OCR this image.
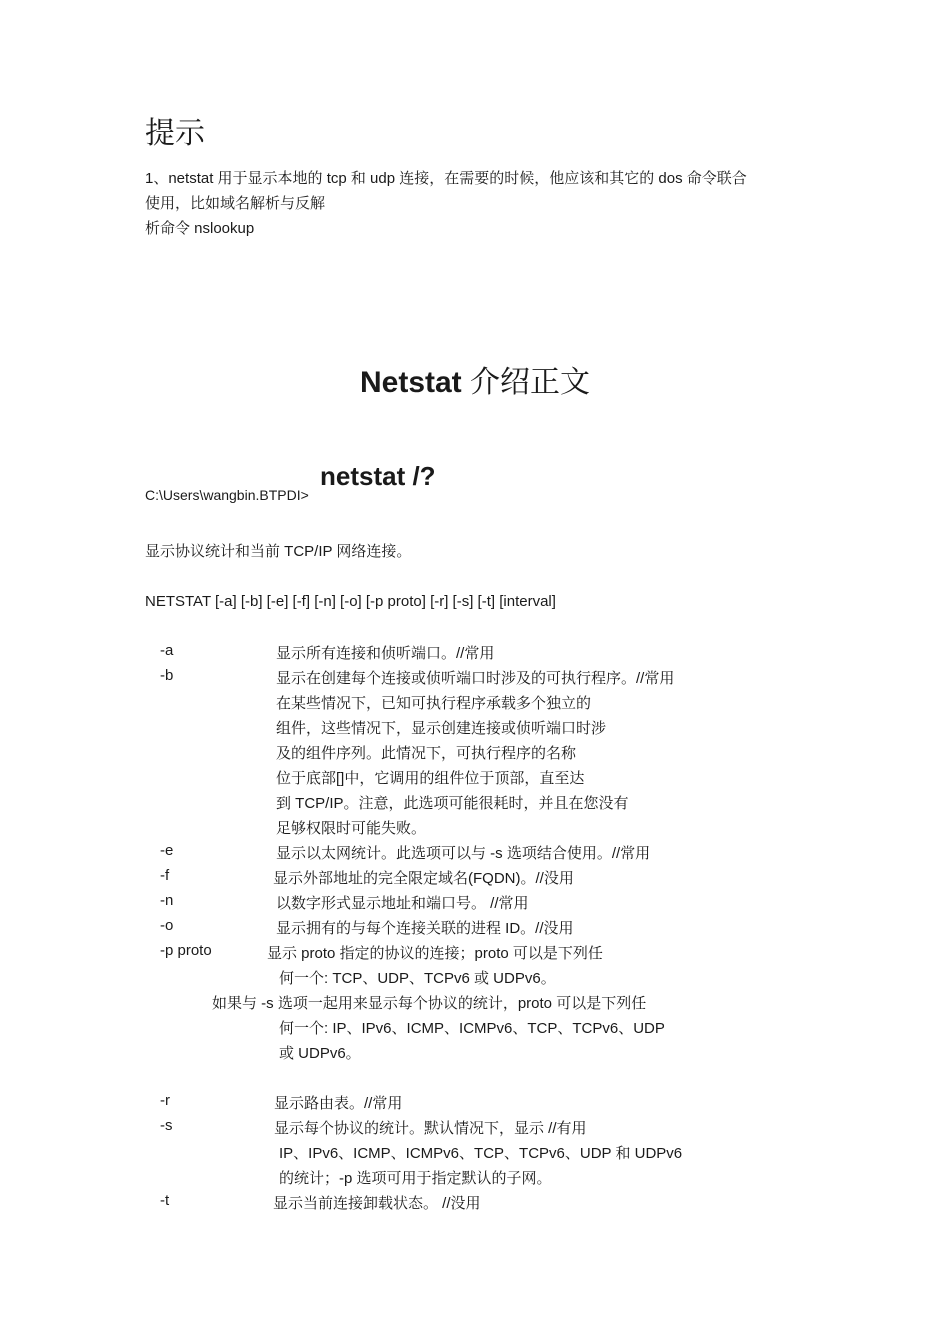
提示
1、netstat 用于显示本地的 tcp 和 udp 连接，在需要的时候，他应该和其它的 dos 命令联合
使用，比如域名解析与反解
析命令 nslookup
Netstat 介绍正文
C:\Users\wangbin.BTPDI>
netstat /?
显示协议统计和当前 TCP/IP 网络连接。
NETSTAT [-a] [-b] [-e] [-f] [-n] [-o] [-p proto] [-r] [-s] [-t] [interval]
-a	显示所有连接和侦听端口。//常用
-b	显示在创建每个连接或侦听端口时涉及的可执行程序。//常用
在某些情况下，已知可执行程序承载多个独立的
组件，这些情况下，显示创建连接或侦听端口时涉
及的组件序列。此情况下，可执行程序的名称
位于底部[]中，它调用的组件位于顶部，直至达
到 TCP/IP。注意，此选项可能很耗时，并且在您没有
足够权限时可能失败。
-e	显示以太网统计。此选项可以与 -s 选项结合使用。//常用
-f	显示外部地址的完全限定域名(FQDN)。//没用
-n	以数字形式显示地址和端口号。 //常用
-o	显示拥有的与每个连接关联的进程 ID。//没用
-p proto	显示 proto 指定的协议的连接；proto 可以是下列任
何一个: TCP、UDP、TCPv6 或 UDPv6。
如果与 -s 选项一起用来显示每个协议的统计，proto 可以是下列任
何一个: IP、IPv6、ICMP、ICMPv6、TCP、TCPv6、UDP
或 UDPv6。
-r	显示路由表。//常用
-s	显示每个协议的统计。默认情况下，显示 //有用
IP、IPv6、ICMP、ICMPv6、TCP、TCPv6、UDP 和 UDPv6
的统计；-p 选项可用于指定默认的子网。
-t	显示当前连接卸载状态。 //没用
